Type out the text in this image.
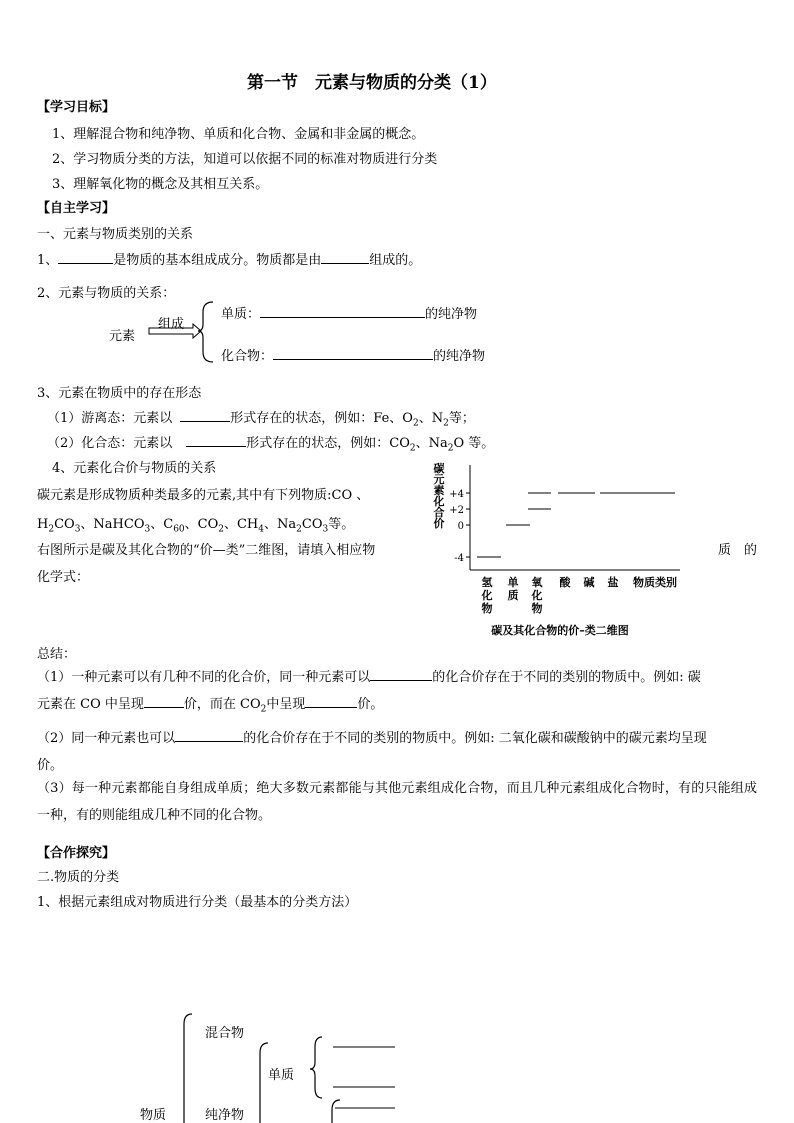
第一节　元素与物质的分类（1）
【学习目标】
1、理解混合物和纯净物、单质和化合物、金属和非金属的概念。
2、学习物质分类的方法，知道可以依据不同的标准对物质进行分类
3、理解氧化物的概念及其相互关系。
【自主学习】
一、元素与物质类别的关系
1、	是物质的基本组成成分。物质都是由	组成的。
2、元素与物质的关系：
元素
组成
单质：	的纯净物
化合物：	的纯净物
3、元素在物质中的存在形态
（1）游离态：元素以	形式存在的状态，例如：Fe、$O_2$、$N_2$等；
（2）化合态：元素以	形式存在的状态，例如：$CO_2$、$Na_2O$ 等。
4、元素化合价与物质的关系
碳元素是形成物质种类最多的元素,其中有下列物质:CO 、
$H_2CO_3$、NaHCO$_3$、$C_{60}$、$CO_2$、$CH_4$、$Na_2CO_3$等。
右图所示是碳及其化合物的“价—类”二维图，请填入相应物	质　的
化学式：
碳
元
素
化
合
价
+4
+2
0
-4
氢
化
物
单
质
氧
化
物
酸 碱 盐 物质类别
碳及其化合物的价–类二维图
总结：
（1）一种元素可以有几种不同的化合价，同一种元素可以	的化合价存在于不同的类别的物质中。例如: 碳
元素在 CO 中呈现	价，而在 $CO_2$中呈现	价。
（2）同一种元素也可以	的化合价存在于不同的类别的物质中。例如: 二氧化碳和碳酸钠中的碳元素均呈现
价。
（3）每一种元素都能自身组成单质；绝大多数元素都能与其他元素组成化合物，而且几种元素组成化合物时，有的只能组成一种，有的则能组成几种不同的化合物。
【合作探究】
二.物质的分类
1、根据元素组成对物质进行分类（最基本的分类方法）
物质
混合物
纯净物
单质
